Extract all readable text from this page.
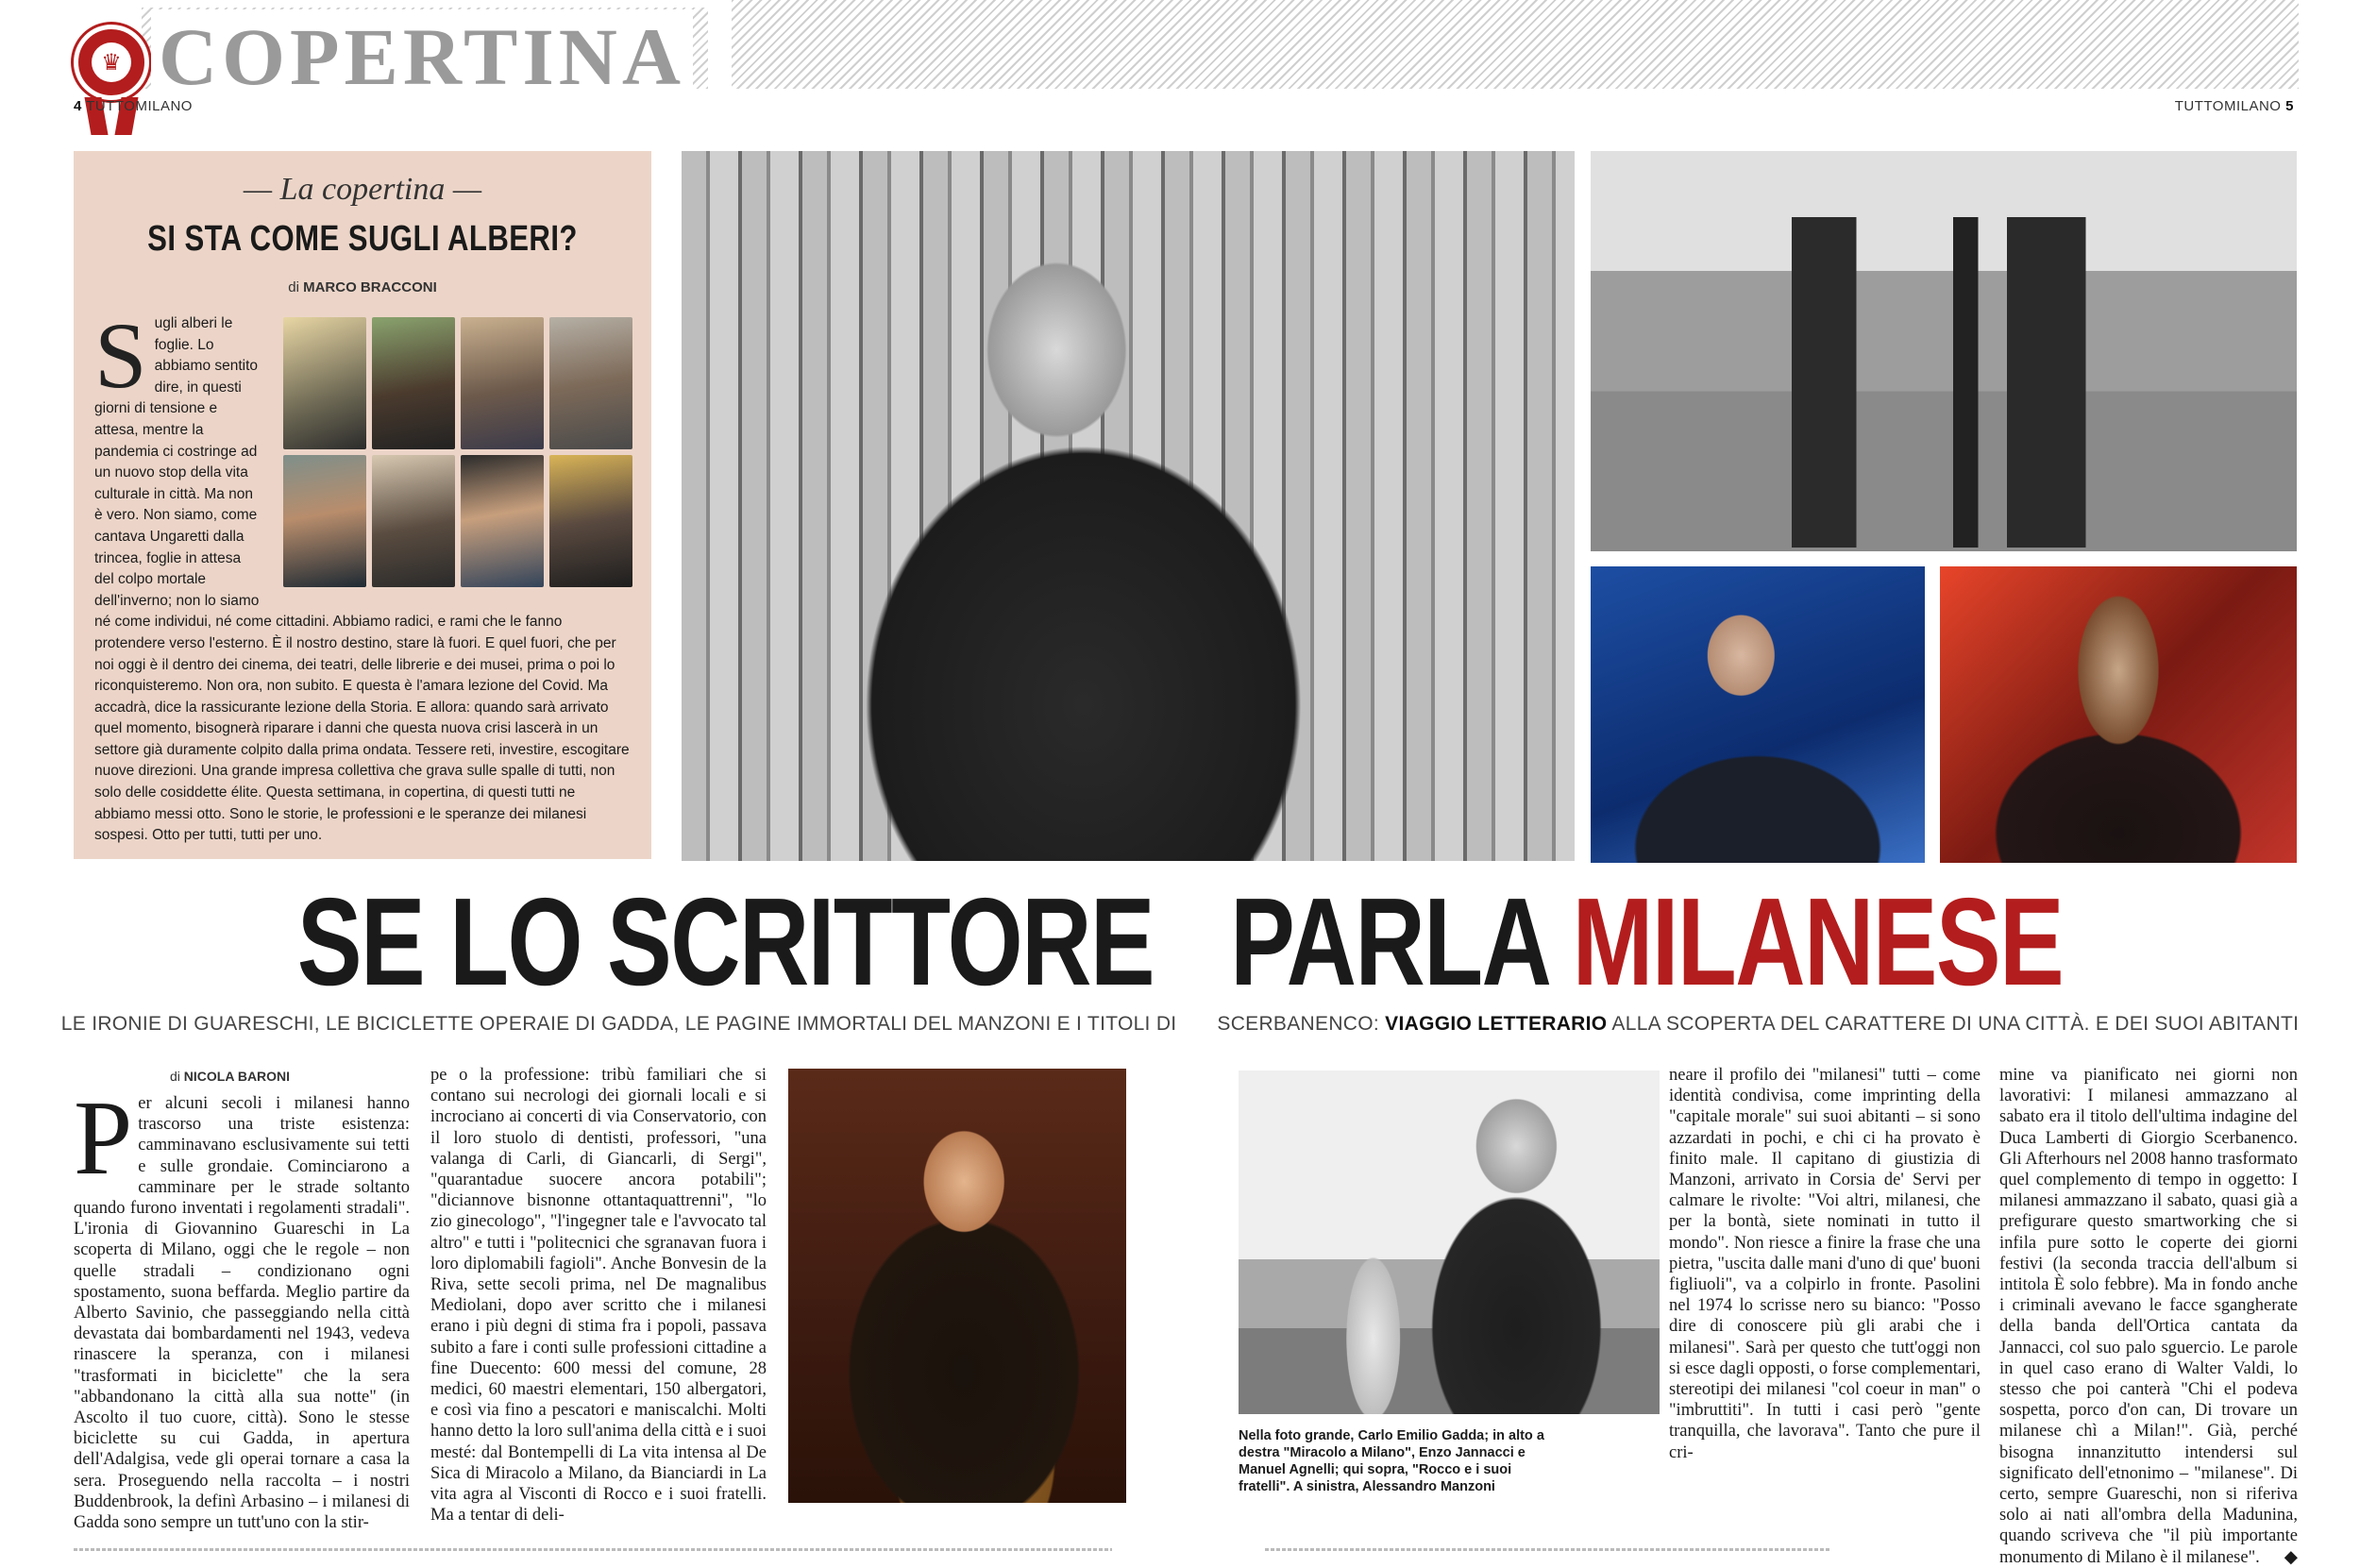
♛ COPERTINA
4 TUTTOMILANO	TUTTOMILANO 5
— La copertina —
SI STA COME SUGLI ALBERI?
di MARCO BRACCONI
S ugli alberi le foglie. Lo abbiamo sentito dire, in questi giorni di tensione e attesa, mentre la pandemia ci costringe ad un nuovo stop della vita culturale in città. Ma non è vero. Non siamo, come cantava Ungaretti dalla trincea, foglie in attesa del colpo mortale dell'inverno; non lo siamo né come individui, né come cittadini. Abbiamo radici, e rami che le fanno protendere verso l'esterno. È il nostro destino, stare là fuori. E quel fuori, che per noi oggi è il dentro dei cinema, dei teatri, delle librerie e dei musei, prima o poi lo riconquisteremo. Non ora, non subito. E questa è l'amara lezione del Covid. Ma accadrà, dice la rassicurante lezione della Storia. E allora: quando sarà arrivato quel momento, bisognerà riparare i danni che questa nuova crisi lascerà in un settore già duramente colpito dalla prima ondata. Tessere reti, investire, escogitare nuove direzioni. Una grande impresa collettiva che grava sulle spalle di tutti, non solo delle cosiddette élite. Questa settimana, in copertina, di questi tutti ne abbiamo messi otto. Sono le storie, le professioni e le speranze dei milanesi sospesi. Otto per tutti, tutti per uno.
SE LO SCRITTORE PARLA MILANESE
LE IRONIE DI GUARESCHI, LE BICICLETTE OPERAIE DI GADDA, LE PAGINE IMMORTALI DEL MANZONI E I TITOLI DI SCERBANENCO: VIAGGIO LETTERARIO ALLA SCOPERTA DEL CARATTERE DI UNA CITTÀ. E DEI SUOI ABITANTI
di NICOLA BARONI
P er alcuni secoli i milanesi hanno trascorso una triste esistenza: camminavano esclusivamente sui tetti e sulle grondaie. Cominciarono a camminare per le strade soltanto quando furono inventati i regolamenti stradali". L'ironia di Giovannino Guareschi in La scoperta di Milano, oggi che le regole – non quelle stradali – condizionano ogni spostamento, suona beffarda. Meglio partire da Alberto Savinio, che passeggiando nella città devastata dai bombardamenti nel 1943, vedeva rinascere la speranza, con i milanesi "trasformati in biciclette" che la sera "abbandonano la città alla sua notte" (in Ascolto il tuo cuore, città). Sono le stesse biciclette su cui Gadda, in apertura dell'Adalgisa, vede gli operai tornare a casa la sera. Proseguendo nella raccolta – i nostri Buddenbrook, la definì Arbasino – i milanesi di Gadda sono sempre un tutt'uno con la stir-
pe o la professione: tribù familiari che si contano sui necrologi dei giornali locali e si incrociano ai concerti di via Conservatorio, con il loro stuolo di dentisti, professori, "una valanga di Carli, di Giancarli, di Sergi", "quarantadue suocere ancora potabili"; "diciannove bisnonne ottantaquattrenni", "lo zio ginecologo", "l'ingegner tale e l'avvocato tal altro" e tutti i "politecnici che sgranavan fuora i loro diplomabili fagioli". Anche Bonvesin de la Riva, sette secoli prima, nel De magnalibus Mediolani, dopo aver scritto che i milanesi erano i più degni di stima fra i popoli, passava subito a fare i conti sulle professioni cittadine a fine Duecento: 600 messi del comune, 28 medici, 60 maestri elementari, 150 albergatori, e così via fino a pescatori e maniscalchi. Molti hanno detto la loro sull'anima della città e i suoi mesté: dal Bontempelli di La vita intensa al De Sica di Miracolo a Milano, da Bianciardi in La vita agra al Visconti di Rocco e i suoi fratelli. Ma a tentar di deli-
Nella foto grande, Carlo Emilio Gadda; in alto a destra "Miracolo a Milano", Enzo Jannacci e Manuel Agnelli; qui sopra, "Rocco e i suoi fratelli". A sinistra, Alessandro Manzoni
neare il profilo dei "milanesi" tutti – come identità condivisa, come imprinting della "capitale morale" sui suoi abitanti – si sono azzardati in pochi, e chi ci ha provato è finito male. Il capitano di giustizia di Manzoni, arrivato in Corsia de' Servi per calmare le rivolte: "Voi altri, milanesi, che per la bontà, siete nominati in tutto il mondo". Non riesce a finire la frase che una pietra, "uscita dalle mani d'uno di que' buoni figliuoli", va a colpirlo in fronte. Pasolini nel 1974 lo scrisse nero su bianco: "Posso dire di conoscere più gli arabi che i milanesi". Sarà per questo che tutt'oggi non si esce dagli opposti, o forse complementari, stereotipi dei milanesi "col coeur in man" o "imbruttiti". In tutti i casi però "gente tranquilla, che lavorava". Tanto che pure il cri-
mine va pianificato nei giorni non lavorativi: I milanesi ammazzano al sabato era il titolo dell'ultima indagine del Duca Lamberti di Giorgio Scerbanenco. Gli Afterhours nel 2008 hanno trasformato quel complemento di tempo in oggetto: I milanesi ammazzano il sabato, quasi già a prefigurare questo smartworking che si infila pure sotto le coperte dei giorni festivi (la seconda traccia dell'album si intitola È solo febbre). Ma in fondo anche i criminali avevano le facce sgangherate della banda dell'Ortica cantata da Jannacci, col suo palo sguercio. Le parole in quel caso erano di Walter Valdi, lo stesso che poi canterà "Chi el podeva sospetta, porco d'on can, Di trovare un milanese chì a Milan!". Già, perché bisogna innanzitutto intendersi sul significato dell'etnonimo – "milanese". Di certo, sempre Guareschi, non si riferiva solo ai nati all'ombra della Madunina, quando scriveva che "il più importante monumento di Milano è il milanese". ◆
